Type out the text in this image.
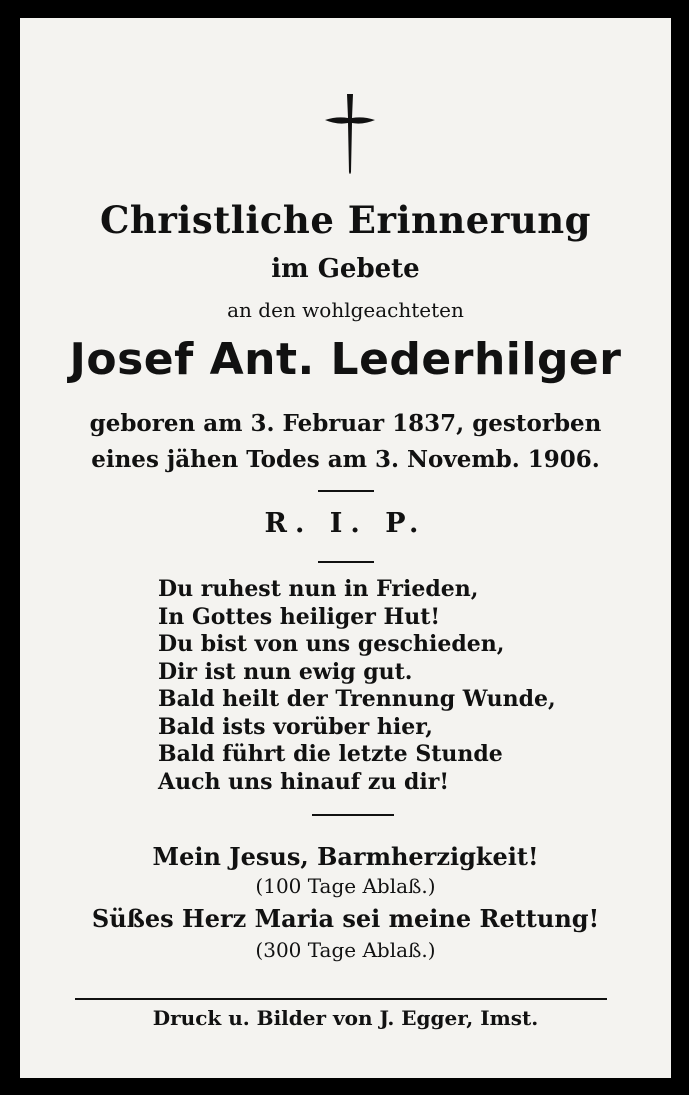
Christliche Erinnerung
im Gebete
an den wohlgeachteten
Josef Ant. Lederhilger
geboren am 3. Februar 1837, gestorben
eines jähen Todes am 3. Novemb. 1906.
R. I. P.
Du ruhest nun in Frieden,
In Gottes heiliger Hut!
Du bist von uns geschieden,
Dir ist nun ewig gut.
Bald heilt der Trennung Wunde,
Bald ists vorüber hier,
Bald führt die letzte Stunde
Auch uns hinauf zu dir!
Mein Jesus, Barmherzigkeit!
(100 Tage Ablaß.)
Süßes Herz Maria sei meine Rettung!
(300 Tage Ablaß.)
Druck u. Bilder von J. Egger, Imst.
